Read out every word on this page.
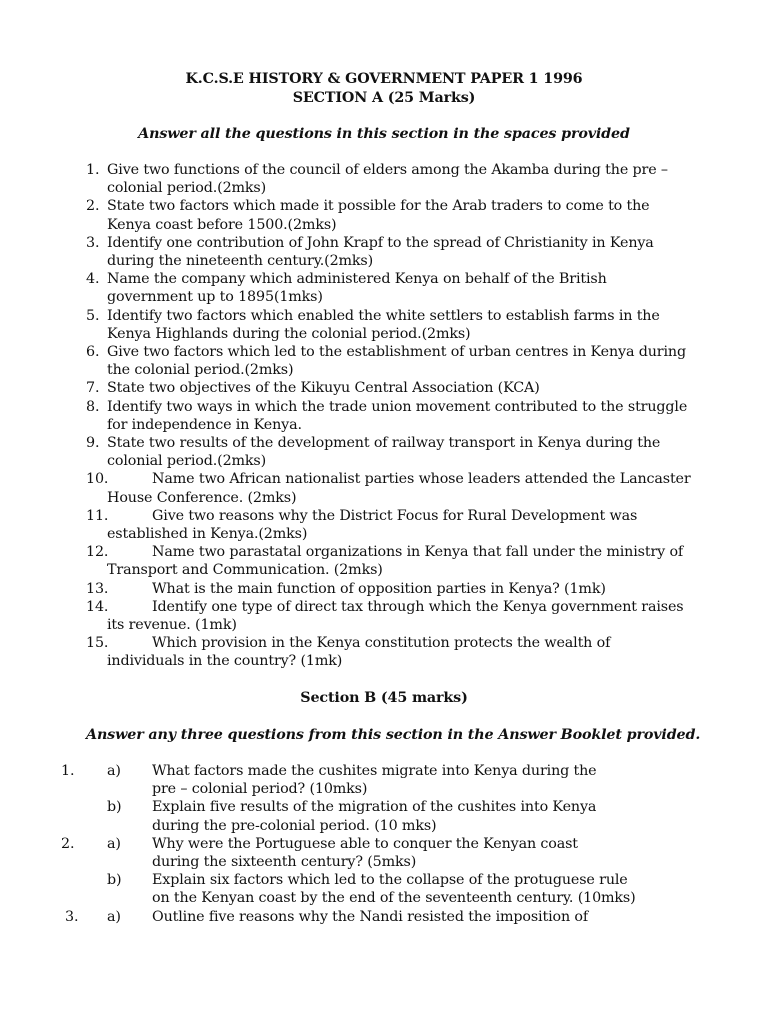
K.C.S.E HISTORY & GOVERNMENT PAPER 1 1996
SECTION A (25 Marks)
Answer all the questions in this section in the spaces provided
1. Give two functions of the council of elders among the Akamba during the pre –
colonial period.(2mks)
2. State two factors which made it possible for the Arab traders to come to the
Kenya coast before 1500.(2mks)
3. Identify one contribution of John Krapf to the spread of Christianity in Kenya
during the nineteenth century.(2mks)
4. Name the company which administered Kenya on behalf of the British
government up to 1895(1mks)
5. Identify two factors which enabled the white settlers to establish farms in the
Kenya Highlands during the colonial period.(2mks)
6. Give two factors which led to the establishment of urban centres in Kenya during
the colonial period.(2mks)
7. State two objectives of the Kikuyu Central Association (KCA)
8. Identify two ways in which the trade union movement contributed to the struggle
for independence in Kenya.
9. State two results of the development of railway transport in Kenya during the
colonial period.(2mks)
10.	Name two African nationalist parties whose leaders attended the Lancaster
House Conference. (2mks)
11.	Give two reasons why the District Focus for Rural Development was
established in Kenya.(2mks)
12.	Name two parastatal organizations in Kenya that fall under the ministry of
Transport and Communication. (2mks)
13.	What is the main function of opposition parties in Kenya? (1mk)
14.	Identify one type of direct tax through which the Kenya government raises
its revenue. (1mk)
15.	Which provision in the Kenya constitution protects the wealth of
individuals in the country? (1mk)
Section B (45 marks)
Answer any three questions from this section in the Answer Booklet provided.
1. a) What factors made the cushites migrate into Kenya during the
pre – colonial period? (10mks)
b) Explain five results of the migration of the cushites into Kenya
during the pre-colonial period. (10 mks)
2. a) Why were the Portuguese able to conquer the Kenyan coast
during the sixteenth century? (5mks)
b) Explain six factors which led to the collapse of the protuguese rule
on the Kenyan coast by the end of the seventeenth century. (10mks)
3. a) Outline five reasons why the Nandi resisted the imposition of
